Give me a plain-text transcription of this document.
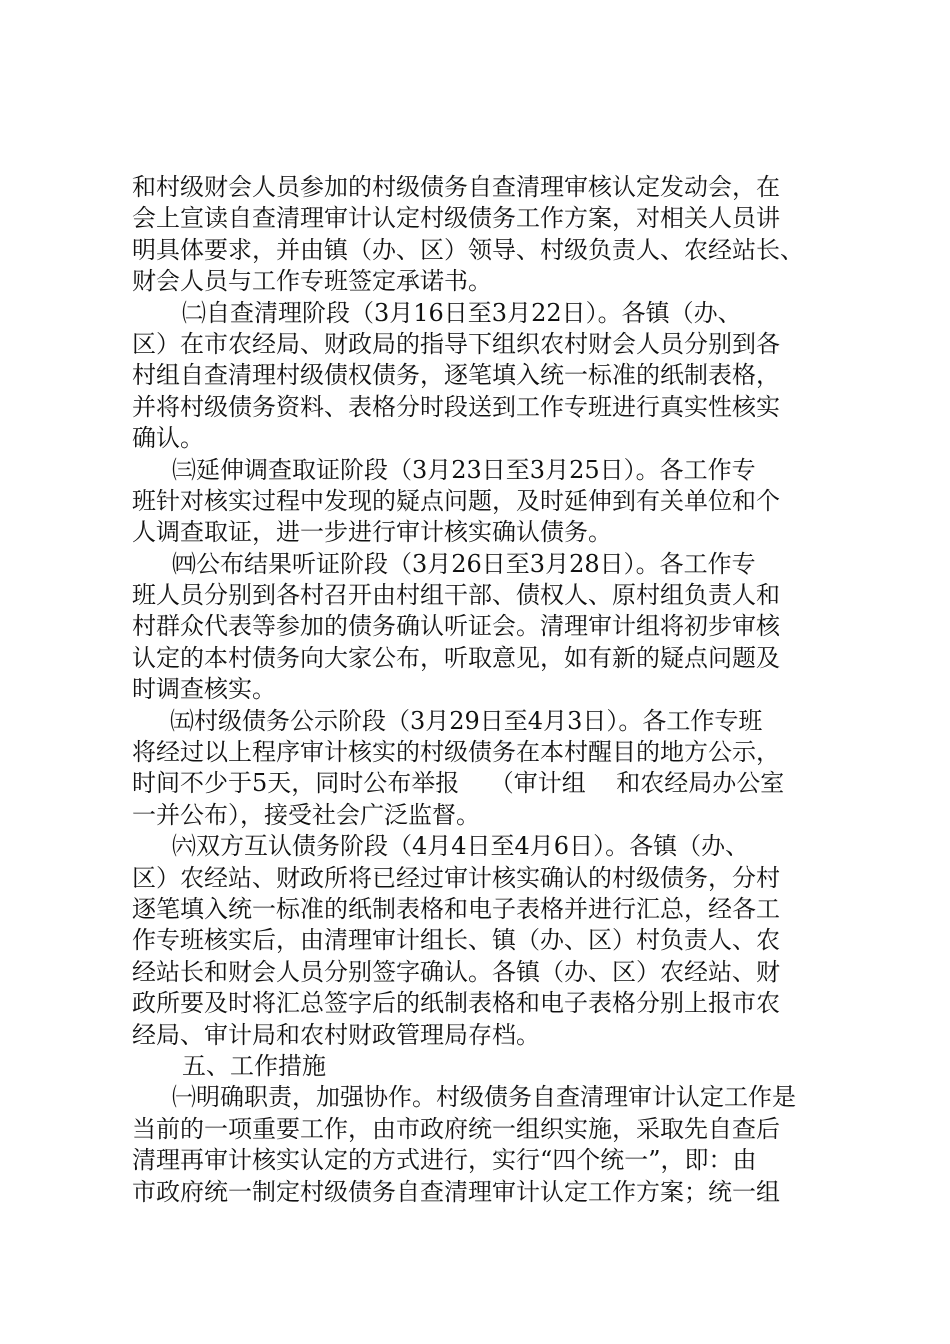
和村级财会人员参加的村级债务自查清理审核认定发动会，在
会上宣读自查清理审计认定村级债务工作方案，对相关人员讲
明具体要求，并由镇（办、区）领导、村级负责人、农经站长、
财会人员与工作专班签定承诺书。
㈡自查清理阶段（3月16日至3月22日）。各镇（办、
区）在市农经局、财政局的指导下组织农村财会人员分别到各
村组自查清理村级债权债务，逐笔填入统一标准的纸制表格，
并将村级债务资料、表格分时段送到工作专班进行真实性核实
确认。
㈢延伸调查取证阶段（3月23日至3月25日）。各工作专
班针对核实过程中发现的疑点问题，及时延伸到有关单位和个
人调查取证，进一步进行审计核实确认债务。
㈣公布结果听证阶段（3月26日至3月28日）。各工作专
班人员分别到各村召开由村组干部、债权人、原村组负责人和
村群众代表等参加的债务确认听证会。清理审计组将初步审核
认定的本村债务向大家公布，听取意见，如有新的疑点问题及
时调查核实。
㈤村级债务公示阶段（3月29日至4月3日）。各工作专班
将经过以上程序审计核实的村级债务在本村醒目的地方公示，
时间不少于5天，同时公布举报    （审计组    和农经局办公室
一并公布），接受社会广泛监督。
㈥双方互认债务阶段（4月4日至4月6日）。各镇（办、
区）农经站、财政所将已经过审计核实确认的村级债务，分村
逐笔填入统一标准的纸制表格和电子表格并进行汇总，经各工
作专班核实后，由清理审计组长、镇（办、区）村负责人、农
经站长和财会人员分别签字确认。各镇（办、区）农经站、财
政所要及时将汇总签字后的纸制表格和电子表格分别上报市农
经局、审计局和农村财政管理局存档。
五、工作措施
㈠明确职责，加强协作。村级债务自查清理审计认定工作是
当前的一项重要工作，由市政府统一组织实施，采取先自查后
清理再审计核实认定的方式进行，实行“四个统一”，即：由
市政府统一制定村级债务自查清理审计认定工作方案；统一组
